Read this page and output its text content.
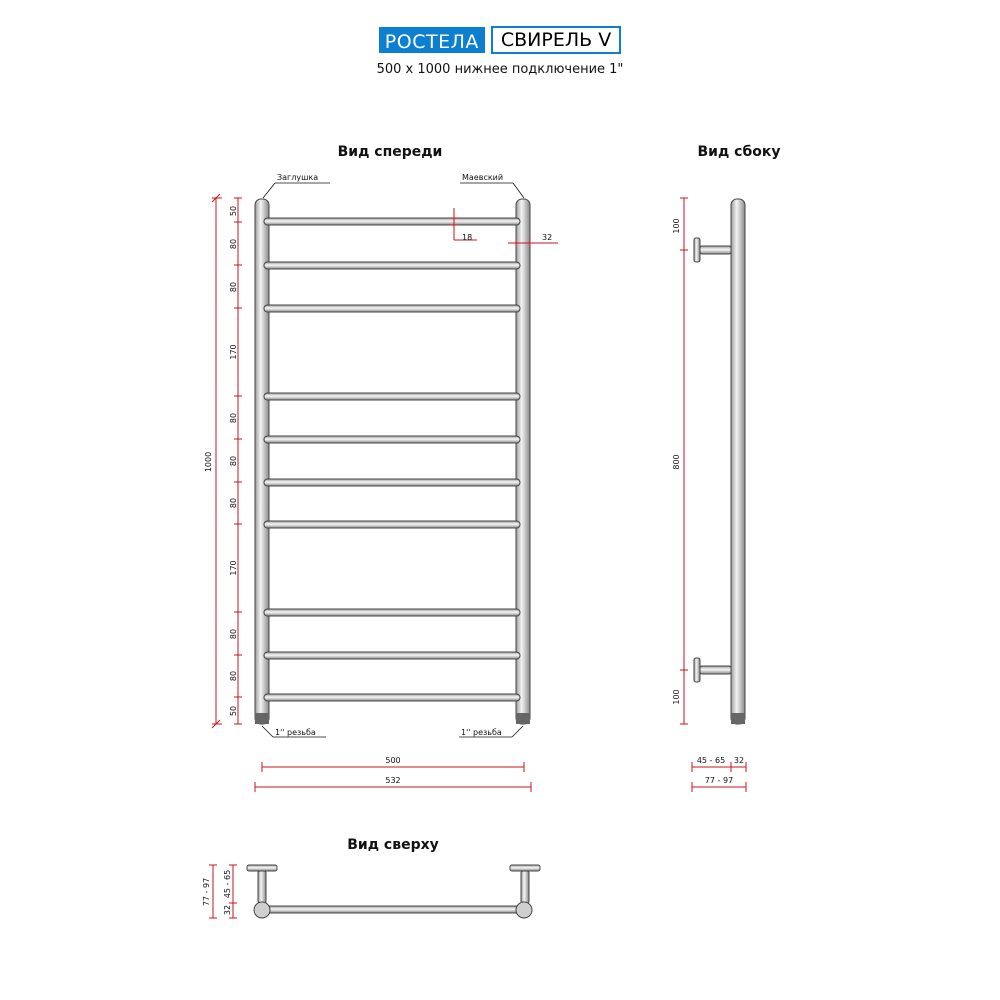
РОСТЕЛА	СВИРЕЛЬ V
500 x 1000 нижнее подключение 1"
Вид спереди
Заглушка	Маевский
1000
50
80
80
170
80
80
80
170
80
80
50
18	32
1'' резьба	1'' резьба
500
532
Вид сбоку
100
800
100
45 - 65 32
77 - 97
Вид сверху
77 - 97 45 - 65
32
